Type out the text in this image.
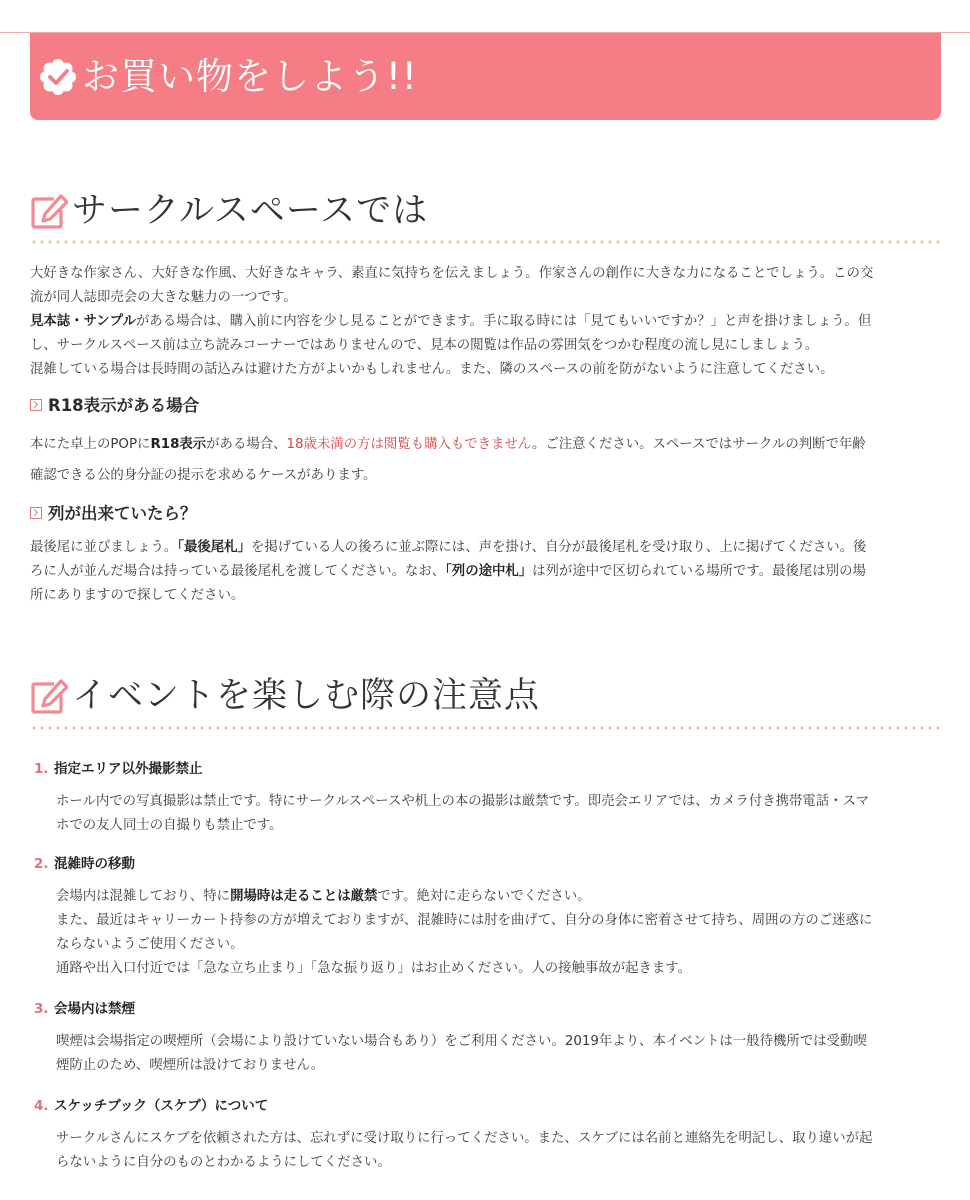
お買い物をしよう!!
サークルスペースでは

大好きな作家さん、大好きな作風、大好きなキャラ、素直に気持ちを伝えましょう。作家さんの創作に大きな力になることでしょう。この交

流が同人誌即売会の大きな魅力の一つです。

見本誌・サンプルがある場合は、購入前に内容を少し見ることができます。手に取る時には「見てもいいですか？」と声を掛けましょう。但

し、サークルスペース前は立ち読みコーナーではありませんので、見本の閲覧は作品の雰囲気をつかむ程度の流し見にしましょう。

混雑している場合は長時間の話込みは避けた方がよいかもしれません。また、隣のスペースの前を防がないように注意してください。

R18表示がある場合

本にた卓上のPOPにR18表示がある場合、18歳未満の方は閲覧も購入もできません。ご注意ください。スペースではサークルの判断で年齢

確認できる公的身分証の提示を求めるケースがあります。

列が出来ていたら？

最後尾に並びましょう。「最後尾札」を掲げている人の後ろに並ぶ際には、声を掛け、自分が最後尾札を受け取り、上に掲げてください。後

ろに人が並んだ場合は持っている最後尾札を渡してください。なお、「列の途中札」は列が途中で区切られている場所です。最後尾は別の場

所にありますので探してください。

イベントを楽しむ際の注意点
1. 指定エリア以外撮影禁止

ホール内での写真撮影は禁止です。特にサークルスペースや机上の本の撮影は厳禁です。即売会エリアでは、カメラ付き携帯電話・スマ

ホでの友人同士の自撮りも禁止です。

2. 混雑時の移動

会場内は混雑しており、特に開場時は走ることは厳禁です。絶対に走らないでください。

また、最近はキャリーカート持参の方が増えておりますが、混雑時には肘を曲げて、自分の身体に密着させて持ち、周囲の方のご迷惑に

ならないようご使用ください。

通路や出入口付近では「急な立ち止まり」「急な振り返り」はお止めください。人の接触事故が起きます。

3. 会場内は禁煙

喫煙は会場指定の喫煙所（会場により設けていない場合もあり）をご利用ください。2019年より、本イベントは一般待機所では受動喫

煙防止のため、喫煙所は設けておりません。

4. スケッチブック（スケブ）について

サークルさんにスケブを依頼された方は、忘れずに受け取りに行ってください。また、スケブには名前と連絡先を明記し、取り違いが起

らないように自分のものとわかるようにしてください。
